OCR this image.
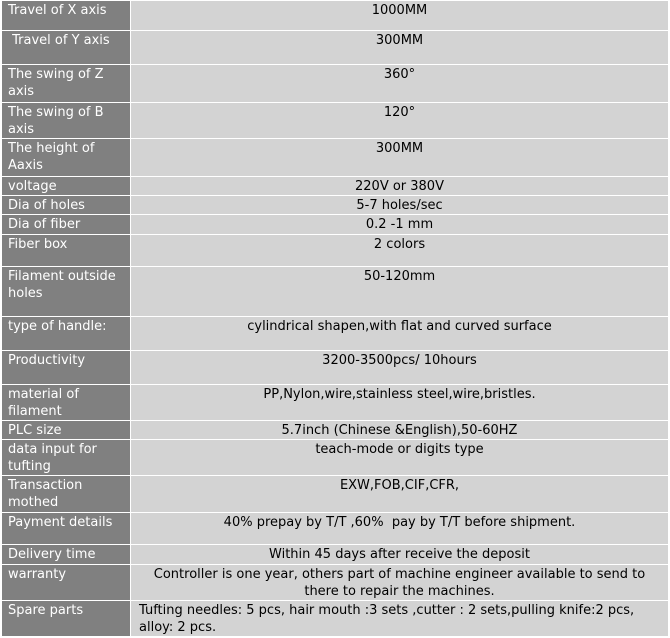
Travel of X axis	1000MM
Travel of Y axis	300MM
The swing of Z axis	360°
The swing of B axis	120°
The height of Aaxis	300MM
voltage	220V or 380V
Dia of holes	5-7 holes/sec
Dia of fiber	0.2 -1 mm
Fiber box	2 colors
Filament outside holes	50-120mm
type of handle:	cylindrical shapen,with flat and curved surface
Productivity	3200-3500pcs/ 10hours
material of filament	PP,Nylon,wire,stainless steel,wire,bristles.
PLC size	5.7inch (Chinese &English),50-60HZ
data input for tufting	teach-mode or digits type
Transaction mothed	EXW,FOB,CIF,CFR,
Payment details	40% prepay by T/T ,60%  pay by T/T before shipment.
Delivery time	Within 45 days after receive the deposit
warranty	Controller is one year, others part of machine engineer available to send to there to repair the machines.
Spare parts	Tufting needles: 5 pcs, hair mouth :3 sets ,cutter : 2 sets,pulling knife:2 pcs, alloy: 2 pcs.
